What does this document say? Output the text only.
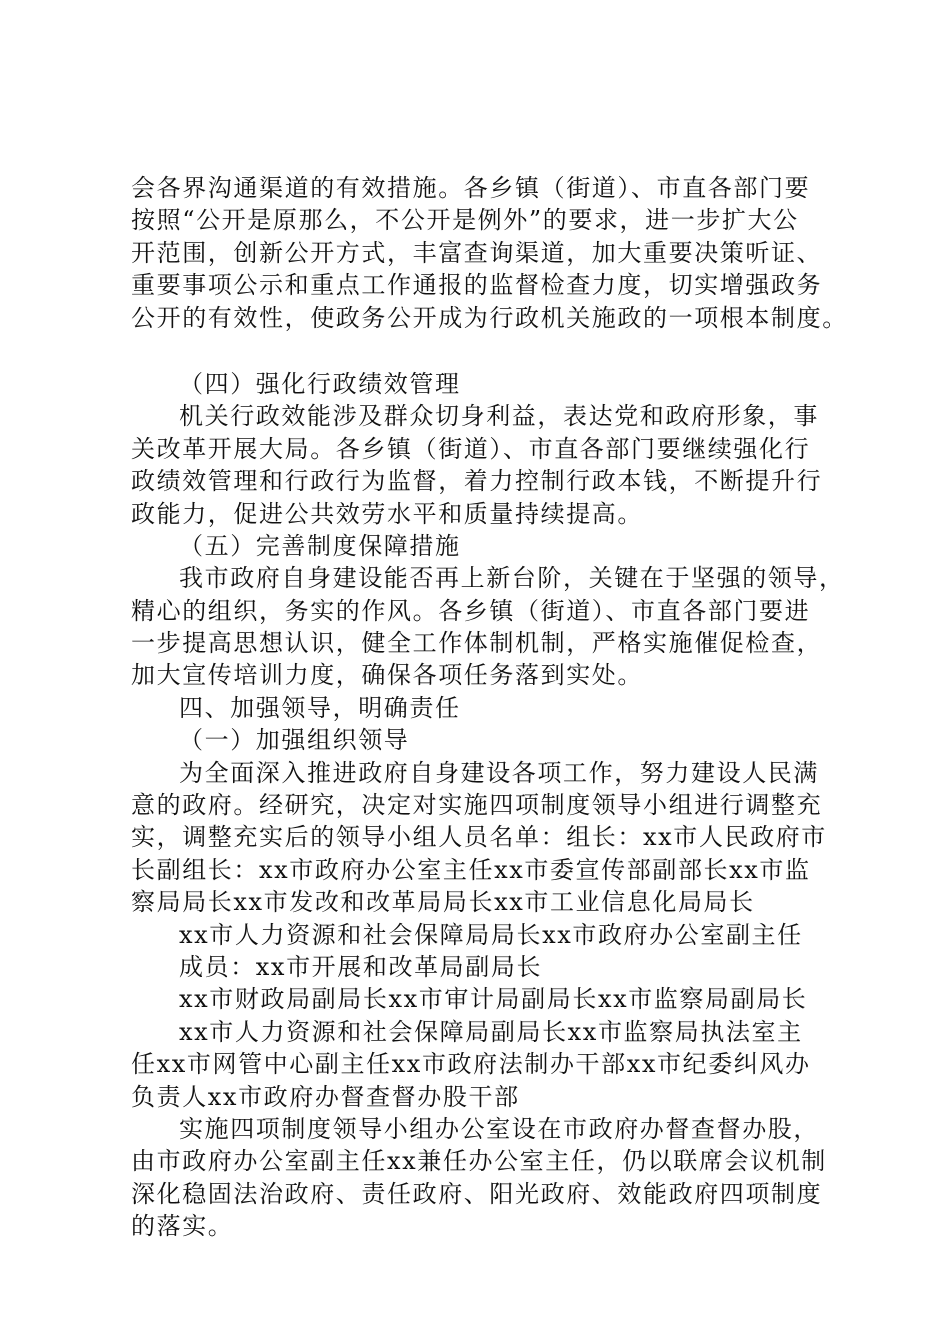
会各界沟通渠道的有效措施。各乡镇（街道）、市直各部门要
按照“公开是原那么，不公开是例外”的要求，进一步扩大公
开范围，创新公开方式，丰富查询渠道，加大重要决策听证、
重要事项公示和重点工作通报的监督检查力度，切实增强政务
公开的有效性，使政务公开成为行政机关施政的一项根本制度。
（四）强化行政绩效管理
机关行政效能涉及群众切身利益，表达党和政府形象，事
关改革开展大局。各乡镇（街道）、市直各部门要继续强化行
政绩效管理和行政行为监督，着力控制行政本钱，不断提升行
政能力，促进公共效劳水平和质量持续提高。
（五）完善制度保障措施
我市政府自身建设能否再上新台阶，关键在于坚强的领导，
精心的组织，务实的作风。各乡镇（街道）、市直各部门要进
一步提高思想认识，健全工作体制机制，严格实施催促检查，
加大宣传培训力度，确保各项任务落到实处。
四、加强领导，明确责任
（一）加强组织领导
为全面深入推进政府自身建设各项工作，努力建设人民满
意的政府。经研究，决定对实施四项制度领导小组进行调整充
实，调整充实后的领导小组人员名单：组长：xx市人民政府市
长副组长：xx市政府办公室主任xx市委宣传部副部长xx市监
察局局长xx市发改和改革局局长xx市工业信息化局局长
xx市人力资源和社会保障局局长xx市政府办公室副主任
成员：xx市开展和改革局副局长
xx市财政局副局长xx市审计局副局长xx市监察局副局长
xx市人力资源和社会保障局副局长xx市监察局执法室主
任xx市网管中心副主任xx市政府法制办干部xx市纪委纠风办
负责人xx市政府办督查督办股干部
实施四项制度领导小组办公室设在市政府办督查督办股，
由市政府办公室副主任xx兼任办公室主任，仍以联席会议机制
深化稳固法治政府、责任政府、阳光政府、效能政府四项制度
的落实。
